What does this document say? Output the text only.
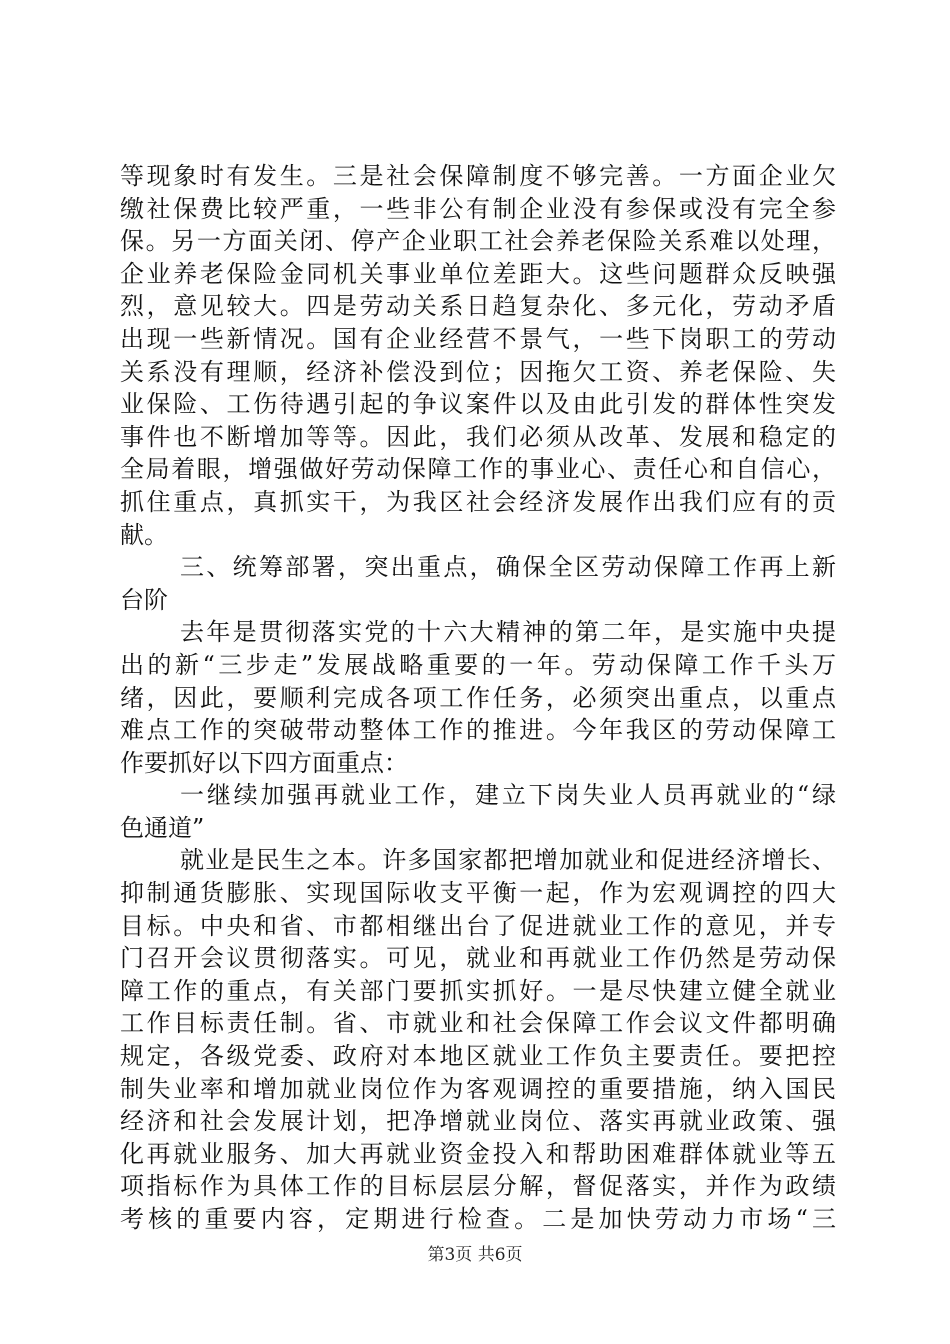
等现象时有发生。三是社会保障制度不够完善。一方面企业欠
缴社保费比较严重，一些非公有制企业没有参保或没有完全参
保。另一方面关闭、停产企业职工社会养老保险关系难以处理，
企业养老保险金同机关事业单位差距大。这些问题群众反映强
烈，意见较大。四是劳动关系日趋复杂化、多元化，劳动矛盾
出现一些新情况。国有企业经营不景气，一些下岗职工的劳动
关系没有理顺，经济补偿没到位；因拖欠工资、养老保险、失
业保险、工伤待遇引起的争议案件以及由此引发的群体性突发
事件也不断增加等等。因此，我们必须从改革、发展和稳定的
全局着眼，增强做好劳动保障工作的事业心、责任心和自信心，
抓住重点，真抓实干，为我区社会经济发展作出我们应有的贡
献。
三、统筹部署，突出重点，确保全区劳动保障工作再上新
台阶
去年是贯彻落实党的十六大精神的第二年，是实施中央提
出的新“三步走”发展战略重要的一年。劳动保障工作千头万
绪，因此，要顺利完成各项工作任务，必须突出重点，以重点
难点工作的突破带动整体工作的推进。今年我区的劳动保障工
作要抓好以下四方面重点：
一继续加强再就业工作，建立下岗失业人员再就业的“绿
色通道”
就业是民生之本。许多国家都把增加就业和促进经济增长、
抑制通货膨胀、实现国际收支平衡一起，作为宏观调控的四大
目标。中央和省、市都相继出台了促进就业工作的意见，并专
门召开会议贯彻落实。可见，就业和再就业工作仍然是劳动保
障工作的重点，有关部门要抓实抓好。一是尽快建立健全就业
工作目标责任制。省、市就业和社会保障工作会议文件都明确
规定，各级党委、政府对本地区就业工作负主要责任。要把控
制失业率和增加就业岗位作为客观调控的重要措施，纳入国民
经济和社会发展计划，把净增就业岗位、落实再就业政策、强
化再就业服务、加大再就业资金投入和帮助困难群体就业等五
项指标作为具体工作的目标层层分解，督促落实，并作为政绩
考核的重要内容，定期进行检查。二是加快劳动力市场“三
第3页 共6页
